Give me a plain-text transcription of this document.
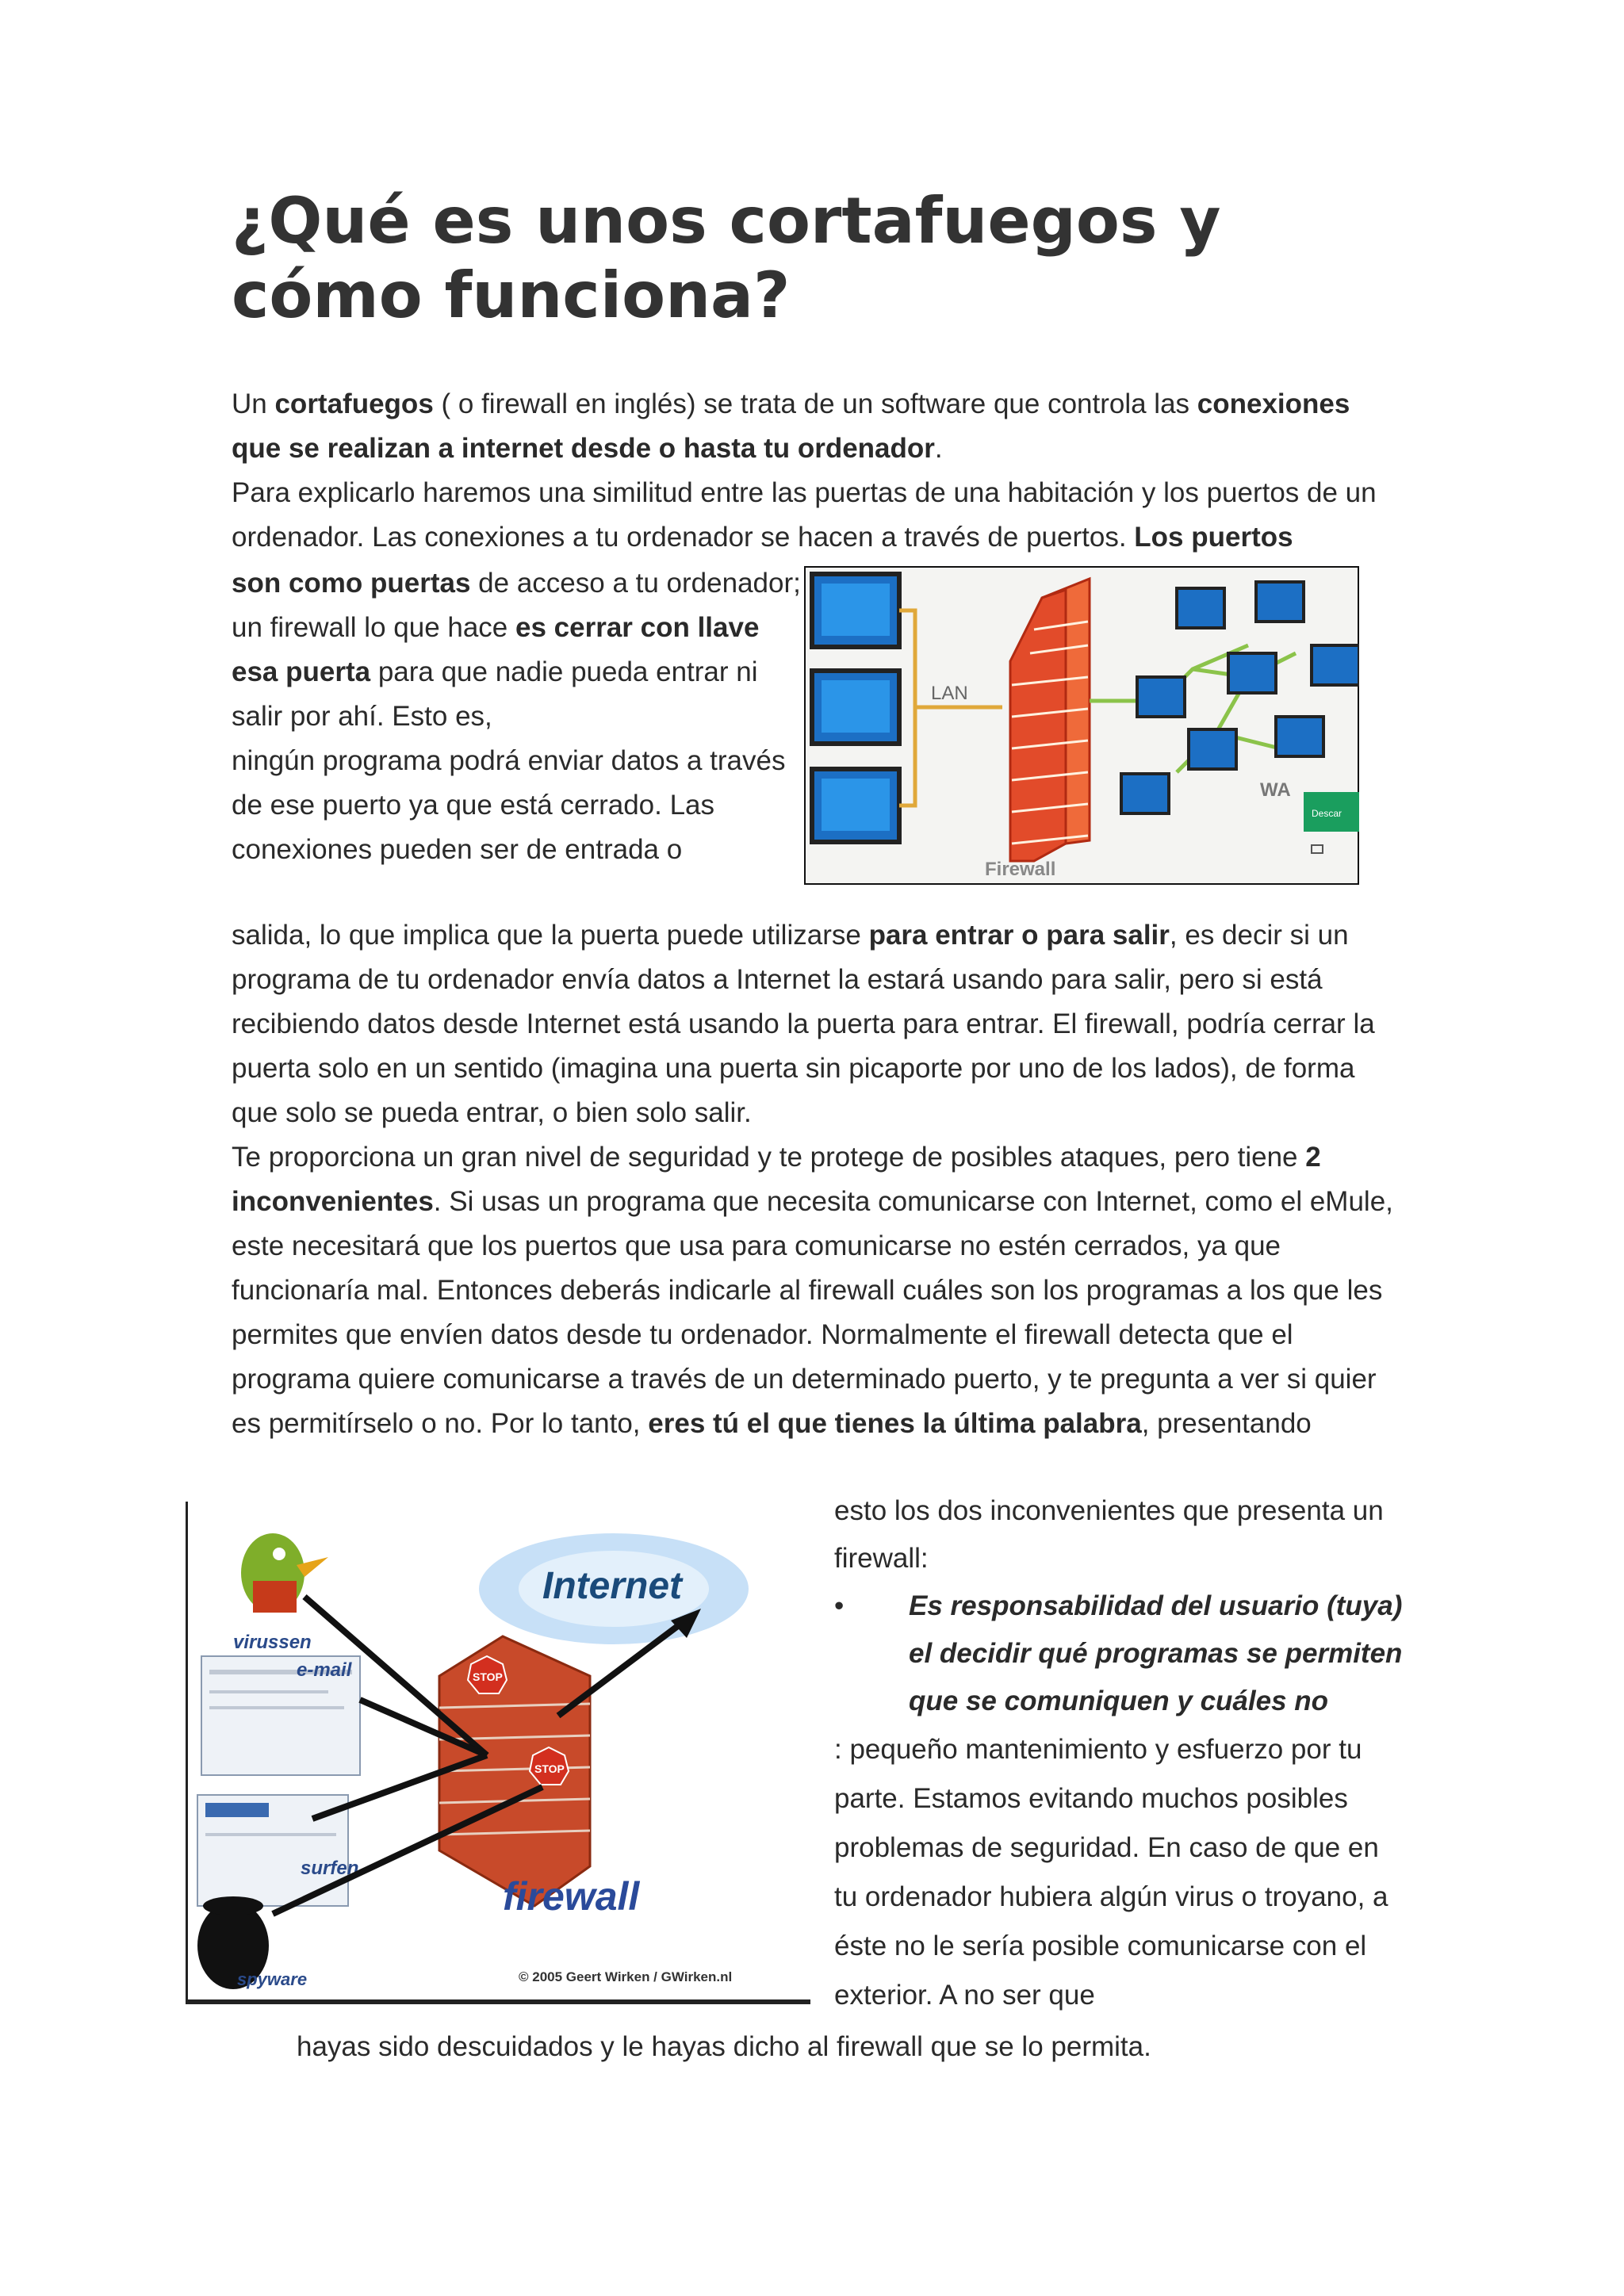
¿Qué es unos cortafuegos y cómo funciona?
Un cortafuegos ( o firewall en inglés) se trata de un software que controla las conexiones que se realizan a internet desde o hasta tu ordenador.
Para explicarlo haremos una similitud entre las puertas de una habitación y los puertos de un ordenador. Las conexiones a tu ordenador se hacen a través de puertos. Los puertos
son como puertas de acceso a tu ordenador; un firewall lo que hace es cerrar con llave esa puerta para que nadie pueda entrar ni salir por ahí. Esto es,
ningún programa podrá enviar datos a través de ese puerto ya que está cerrado. Las conexiones pueden ser de entrada o
LAN
Firewall
WA
Descar

salida, lo que implica que la puerta puede utilizarse para entrar o para salir, es decir si un programa de tu ordenador envía datos a Internet la estará usando para salir, pero si está recibiendo datos desde Internet está usando la puerta para entrar. El firewall, podría cerrar la puerta solo en un sentido (imagina una puerta sin picaporte por uno de los lados), de forma que solo se pueda entrar, o bien solo salir.

Te proporciona un gran nivel de seguridad y te protege de posibles ataques, pero tiene 2 inconvenientes. Si usas un programa que necesita comunicarse con Internet, como el eMule, este necesitará que los puertos que usa para comunicarse no estén cerrados, ya que funcionaría mal. Entonces deberás indicarle al firewall cuáles son los programas a los que les permites que envíen datos desde tu ordenador. Normalmente el firewall detecta que el programa quiere comunicarse a través de un determinado puerto, y te pregunta a ver si quier
es permitírselo o no. Por lo tanto, eres tú el que tienes la última palabra, presentando

Internet
virussen
e-mail
surfen
spyware
STOP
STOP
firewall
© 2005 Geert Wirken / GWirken.nl

esto los dos inconvenientes que presenta un firewall:

•	Es responsabilidad del usuario (tuya) el decidir qué programas se permiten que se comuniquen y cuáles no
: pequeño mantenimiento y esfuerzo por tu parte. Estamos evitando muchos posibles problemas de seguridad. En caso de que en tu ordenador hubiera algún virus o troyano, a éste no le sería posible comunicarse con el exterior. A no ser que
hayas sido descuidados y le hayas dicho al firewall que se lo permita.
